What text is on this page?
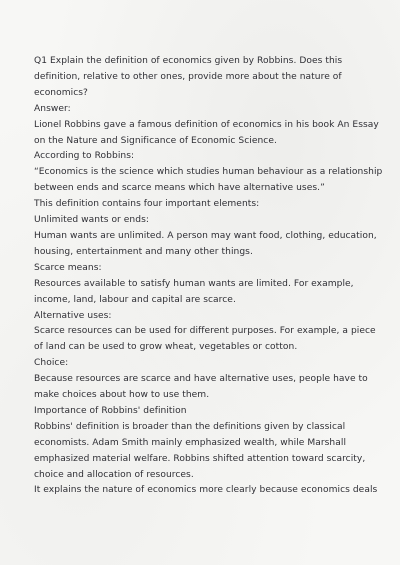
Q1 Explain the definition of economics given by Robbins. Does this
definition, relative to other ones, provide more about the nature of
economics?
Answer:
Lionel Robbins gave a famous definition of economics in his book An Essay
on the Nature and Significance of Economic Science.
According to Robbins:
“Economics is the science which studies human behaviour as a relationship
between ends and scarce means which have alternative uses.”
This definition contains four important elements:
Unlimited wants or ends:
Human wants are unlimited. A person may want food, clothing, education,
housing, entertainment and many other things.
Scarce means:
Resources available to satisfy human wants are limited. For example,
income, land, labour and capital are scarce.
Alternative uses:
Scarce resources can be used for different purposes. For example, a piece
of land can be used to grow wheat, vegetables or cotton.
Choice:
Because resources are scarce and have alternative uses, people have to
make choices about how to use them.
Importance of Robbins' definition
Robbins' definition is broader than the definitions given by classical
economists. Adam Smith mainly emphasized wealth, while Marshall
emphasized material welfare. Robbins shifted attention toward scarcity,
choice and allocation of resources.
It explains the nature of economics more clearly because economics deals
